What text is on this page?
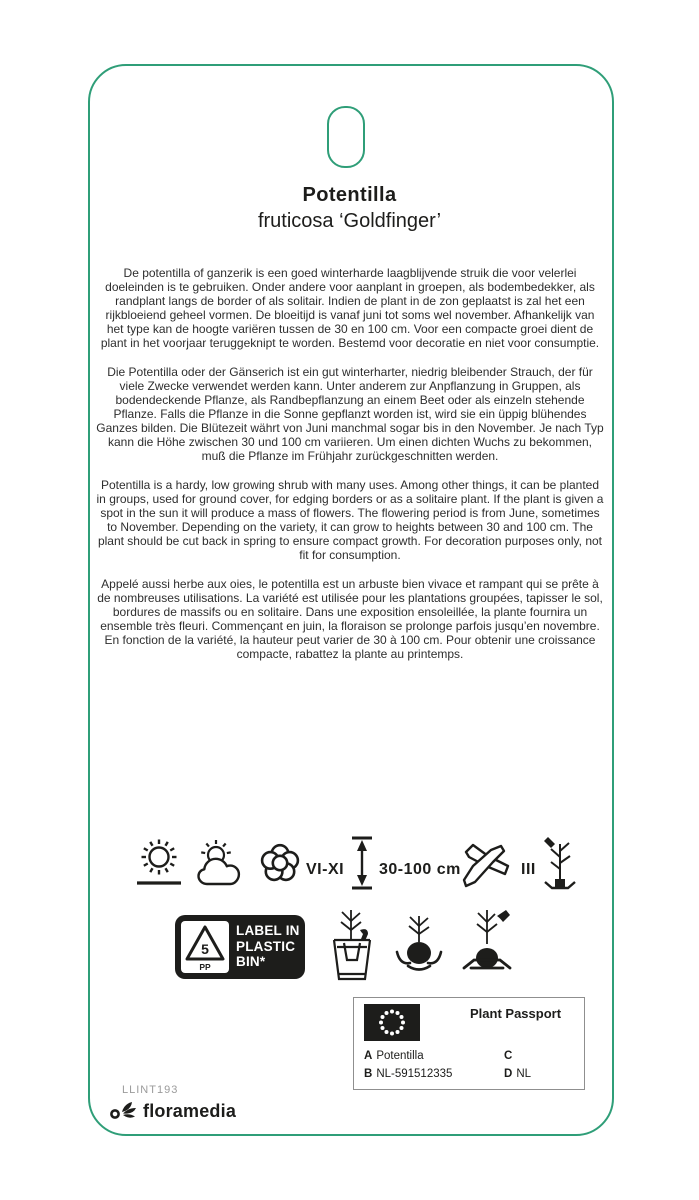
Potentilla
fruticosa ‘Goldfinger’

De potentilla of ganzerik is een goed winterharde laagblijvende struik die voor velerlei doeleinden is te gebruiken. Onder andere voor aanplant in groepen, als bodembedekker, als randplant langs de border of als solitair. Indien de plant in de zon geplaatst is zal het een rijkbloeiend geheel vormen. De bloeitijd is vanaf juni tot soms wel november. Afhankelijk van het type kan de hoogte variëren tussen de 30 en 100 cm. Voor een compacte groei dient de plant in het voorjaar teruggeknipt te worden. Bestemd voor decoratie en niet voor consumptie.

Die Potentilla oder der Gänserich ist ein gut winterharter, niedrig bleibender Strauch, der für viele Zwecke verwendet werden kann. Unter anderem zur Anpflanzung in Gruppen, als bodendeckende Pflanze, als Randbepflanzung an einem Beet oder als einzeln stehende Pflanze. Falls die Pflanze in die Sonne gepflanzt worden ist, wird sie ein üppig blühendes Ganzes bilden. Die Blütezeit währt von Juni manchmal sogar bis in den November. Je nach Typ kann die Höhe zwischen 30 und 100 cm variieren. Um einen dichten Wuchs zu bekommen, muß die Pflanze im Frühjahr zurückgeschnitten werden.

Potentilla is a hardy, low growing shrub with many uses. Among other things, it can be planted in groups, used for ground cover, for edging borders or as a solitaire plant. If the plant is given a spot in the sun it will produce a mass of flowers. The flowering period is from June, sometimes to November. Depending on the variety, it can grow to heights between 30 and 100 cm. The plant should be cut back in spring to ensure compact growth. For decoration purposes only, not fit for consumption.

Appelé aussi herbe aux oies, le potentilla est un arbuste bien vivace et rampant qui se prête à de nombreuses utilisations. La variété est utilisée pour les plantations groupées, tapisser le sol, bordures de massifs ou en solitaire. Dans une exposition ensoleillée, la plante fournira un ensemble très fleuri. Commençant en juin, la floraison se prolonge parfois jusqu’en novembre. En fonction de la variété, la hauteur peut varier de 30 à 100 cm. Pour obtenir une croissance compacte, rabattez la plante au printemps.

VI-XI 30-100 cm	III
5
PP
LABEL IN
PLASTIC
BIN*
Plant Passport
A Potentilla	C
B NL-591512335	D NL
LLINT193
floramedia
